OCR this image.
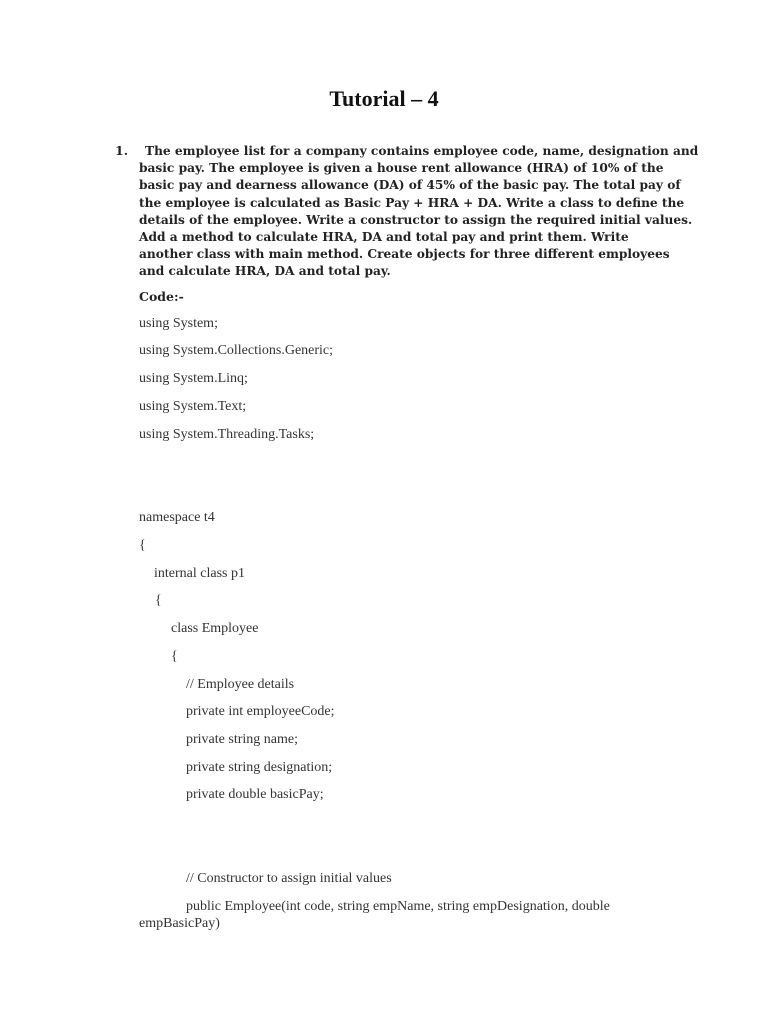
Tutorial – 4
1.	The employee list for a company contains employee code, name, designation and
basic pay. The employee is given a house rent allowance (HRA) of 10% of the
basic pay and dearness allowance (DA) of 45% of the basic pay. The total pay of
the employee is calculated as Basic Pay + HRA + DA. Write a class to define the
details of the employee. Write a constructor to assign the required initial values.
Add a method to calculate HRA, DA and total pay and print them. Write
another class with main method. Create objects for three different employees
and calculate HRA, DA and total pay.
Code:-
using System;
using System.Collections.Generic;
using System.Linq;
using System.Text;
using System.Threading.Tasks;
namespace t4
{
internal class p1
{
class Employee
{
// Employee details
private int employeeCode;
private string name;
private string designation;
private double basicPay;
// Constructor to assign initial values
public Employee(int code, string empName, string empDesignation, double
empBasicPay)
